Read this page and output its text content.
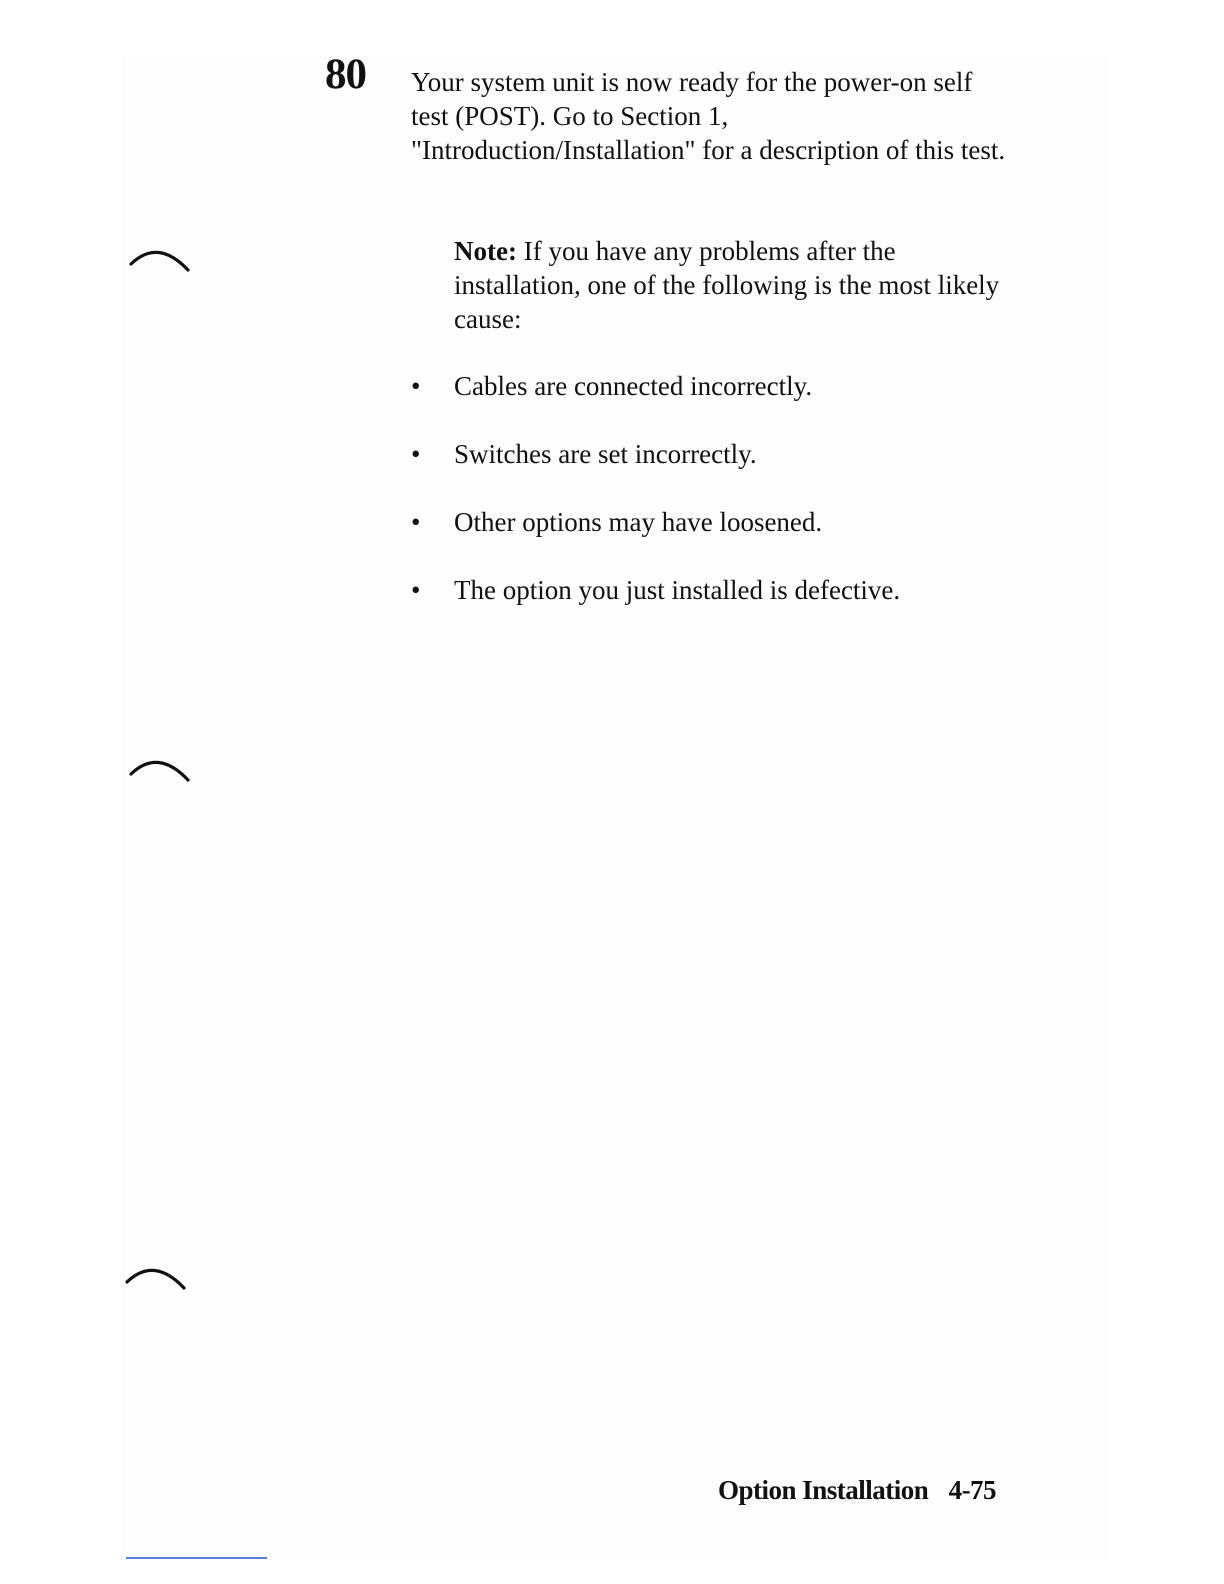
80 Your system unit is now ready for the power-on self test (POST). Go to Section 1, "Introduction/Installation" for a description of this test.

Note: If you have any problems after the installation, one of the following is the most likely cause:

•	Cables are connected incorrectly.
•	Switches are set incorrectly.
•	Other options may have loosened.
•	The option you just installed is defective.
Option Installation 4-75
